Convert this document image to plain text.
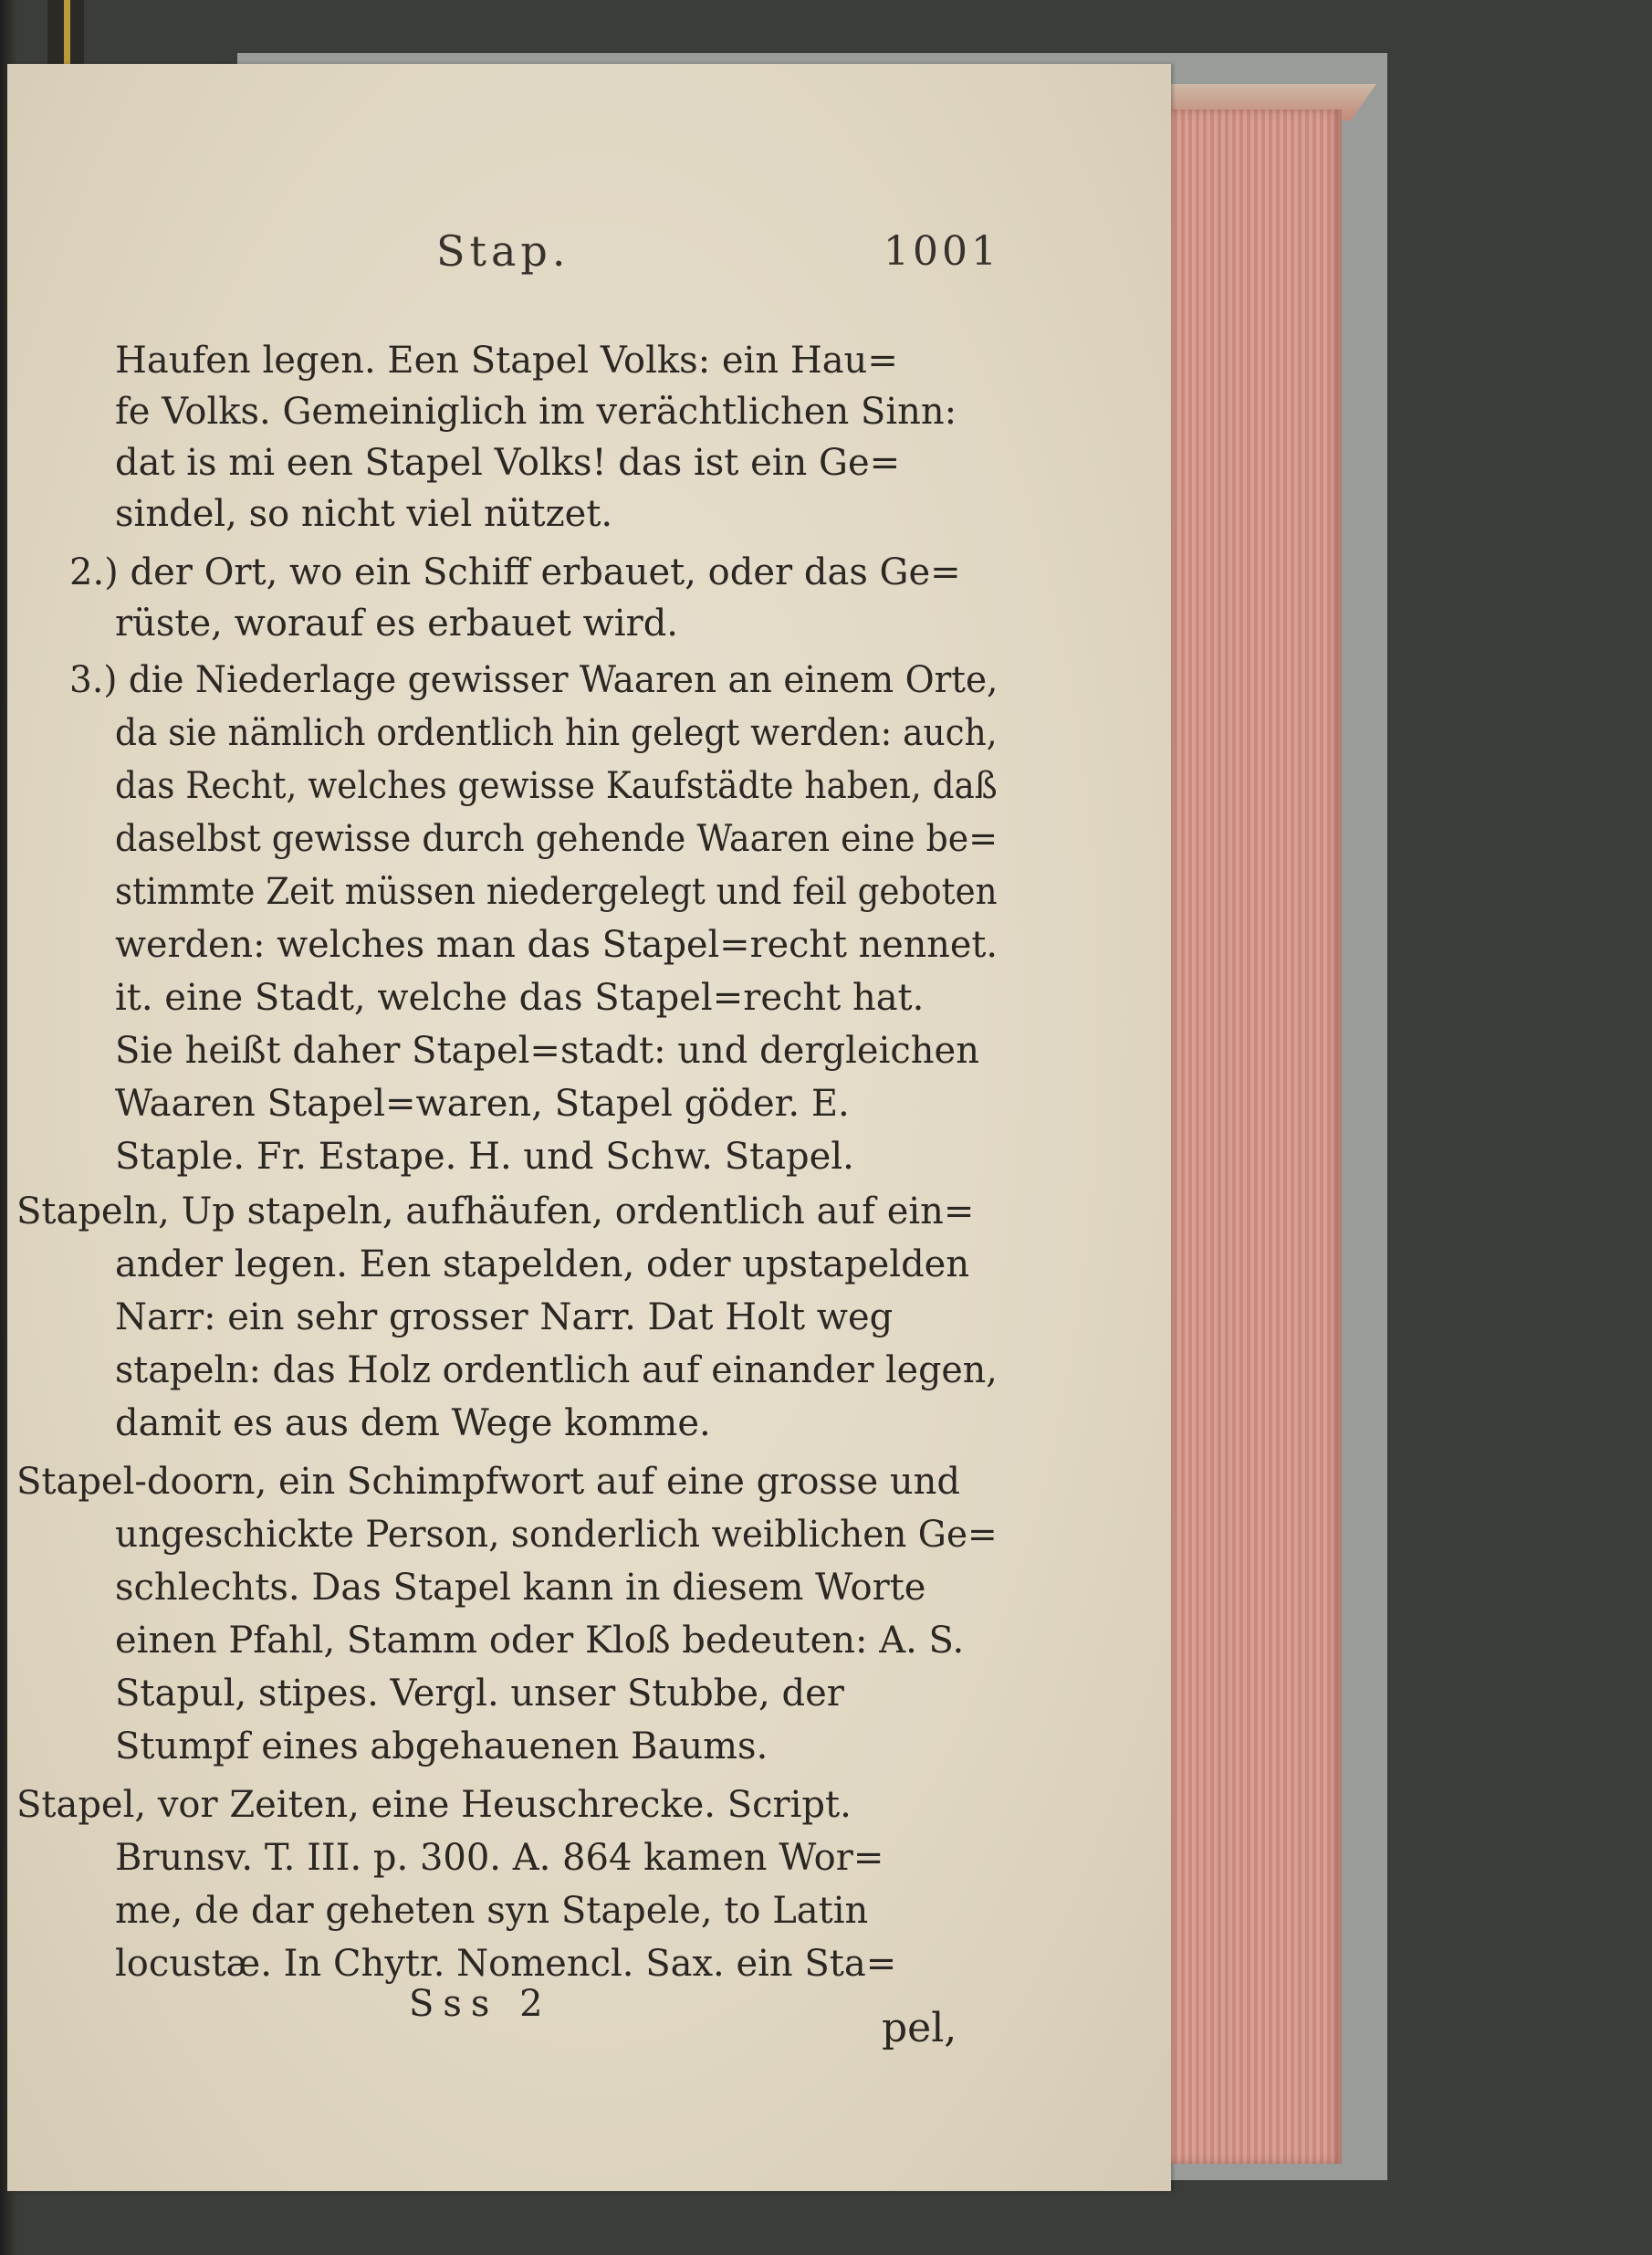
Stap.	1001
Haufen legen. Een Stapel Volks: ein Hau=
fe Volks. Gemeiniglich im verächtlichen Sinn:
dat is mi een Stapel Volks! das ist ein Ge=
sindel, so nicht viel nützet.
2.) der Ort, wo ein Schiff erbauet, oder das Ge=
rüste, worauf es erbauet wird.
3.) die Niederlage gewisser Waaren an einem Orte,
da sie nämlich ordentlich hin gelegt werden: auch,
das Recht, welches gewisse Kaufstädte haben, daß
daselbst gewisse durch gehende Waaren eine be=
stimmte Zeit müssen niedergelegt und feil geboten
werden: welches man das Stapel=recht nennet.
it. eine Stadt, welche das Stapel=recht hat.
Sie heißt daher Stapel=stadt: und dergleichen
Waaren Stapel=waren, Stapel göder. E.
Staple. Fr. Estape. H. und Schw. Stapel.
Stapeln, Up stapeln, aufhäufen, ordentlich auf ein=
ander legen. Een stapelden, oder upstapelden
Narr: ein sehr grosser Narr. Dat Holt weg
stapeln: das Holz ordentlich auf einander legen,
damit es aus dem Wege komme.
Stapel-doorn, ein Schimpfwort auf eine grosse und
ungeschickte Person, sonderlich weiblichen Ge=
schlechts. Das Stapel kann in diesem Worte
einen Pfahl, Stamm oder Kloß bedeuten: A. S.
Stapul, stipes. Vergl. unser Stubbe, der
Stumpf eines abgehauenen Baums.
Stapel, vor Zeiten, eine Heuschrecke. Script.
Brunsv. T. III. p. 300. A. 864 kamen Wor=
me, de dar geheten syn Stapele, to Latin
locustæ. In Chytr. Nomencl. Sax. ein Sta=
Sss 2
pel,
